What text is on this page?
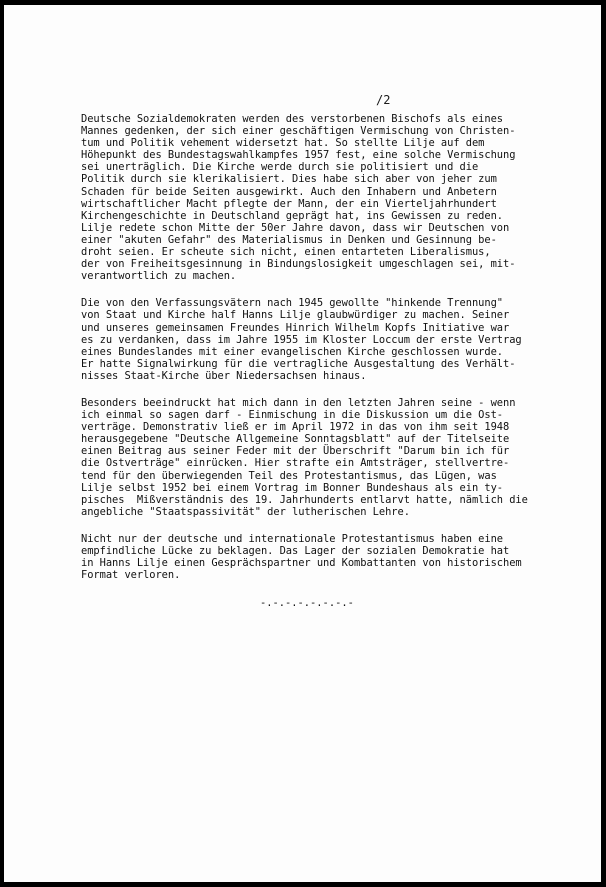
/2
Deutsche Sozialdemokraten werden des verstorbenen Bischofs als eines
Mannes gedenken, der sich einer geschäftigen Vermischung von Christen-
tum und Politik vehement widersetzt hat. So stellte Lilje auf dem
Höhepunkt des Bundestagswahlkampfes 1957 fest, eine solche Vermischung
sei unerträglich. Die Kirche werde durch sie politisiert und die
Politik durch sie klerikalisiert. Dies habe sich aber von jeher zum
Schaden für beide Seiten ausgewirkt. Auch den Inhabern und Anbetern
wirtschaftlicher Macht pflegte der Mann, der ein Vierteljahrhundert
Kirchengeschichte in Deutschland geprägt hat, ins Gewissen zu reden.
Lilje redete schon Mitte der 50er Jahre davon, dass wir Deutschen von
einer "akuten Gefahr" des Materialismus in Denken und Gesinnung be-
droht seien. Er scheute sich nicht, einen entarteten Liberalismus,
der von Freiheitsgesinnung in Bindungslosigkeit umgeschlagen sei, mit-
verantwortlich zu machen.
Die von den Verfassungsvätern nach 1945 gewollte "hinkende Trennung"
von Staat und Kirche half Hanns Lilje glaubwürdiger zu machen. Seiner
und unseres gemeinsamen Freundes Hinrich Wilhelm Kopfs Initiative war
es zu verdanken, dass im Jahre 1955 im Kloster Loccum der erste Vertrag
eines Bundeslandes mit einer evangelischen Kirche geschlossen wurde.
Er hatte Signalwirkung für die vertragliche Ausgestaltung des Verhält-
nisses Staat-Kirche über Niedersachsen hinaus.
Besonders beeindruckt hat mich dann in den letzten Jahren seine - wenn
ich einmal so sagen darf - Einmischung in die Diskussion um die Ost-
verträge. Demonstrativ ließ er im April 1972 in das von ihm seit 1948
herausgegebene "Deutsche Allgemeine Sonntagsblatt" auf der Titelseite
einen Beitrag aus seiner Feder mit der Überschrift "Darum bin ich für
die Ostverträge" einrücken. Hier strafte ein Amtsträger, stellvertre-
tend für den überwiegenden Teil des Protestantismus, das Lügen, was
Lilje selbst 1952 bei einem Vortrag im Bonner Bundeshaus als ein ty-
pisches  Mißverständnis des 19. Jahrhunderts entlarvt hatte, nämlich die
angebliche "Staatspassivität" der lutherischen Lehre.
Nicht nur der deutsche und internationale Protestantismus haben eine
empfindliche Lücke zu beklagen. Das Lager der sozialen Demokratie hat
in Hanns Lilje einen Gesprächspartner und Kombattanten von historischem
Format verloren.
-.-.-.-.-.-.-.-
